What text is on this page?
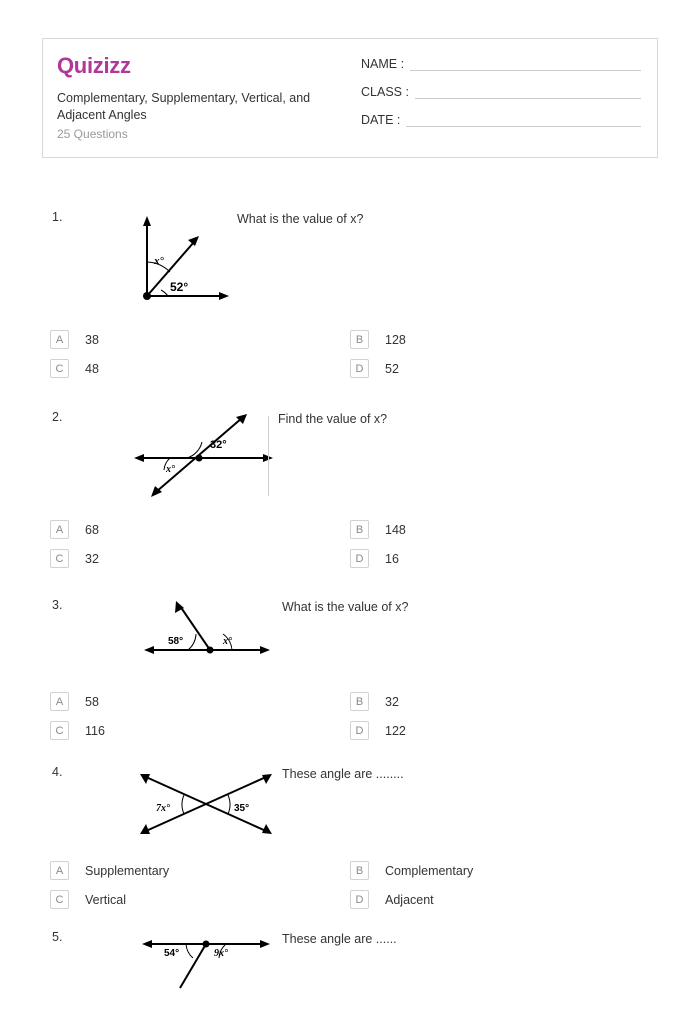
Quizizz
Complementary, Supplementary, Vertical, and Adjacent Angles
25 Questions
NAME :
CLASS :
DATE :
1.
x°
52°
What is the value of x?
A	38	B	128
C	48	D	52
2.
32°
x°
Find the value of x?
A	68	B	148
C	32	D	16
3.
58°	x°
What is the value of x?
A	58	B	32
C	116	D	122
4.
7x°	35°
These angle are ........
A	Supplementary	B	Complementary
C	Vertical	D	Adjacent
5.
54°	9x°
These angle are ......
